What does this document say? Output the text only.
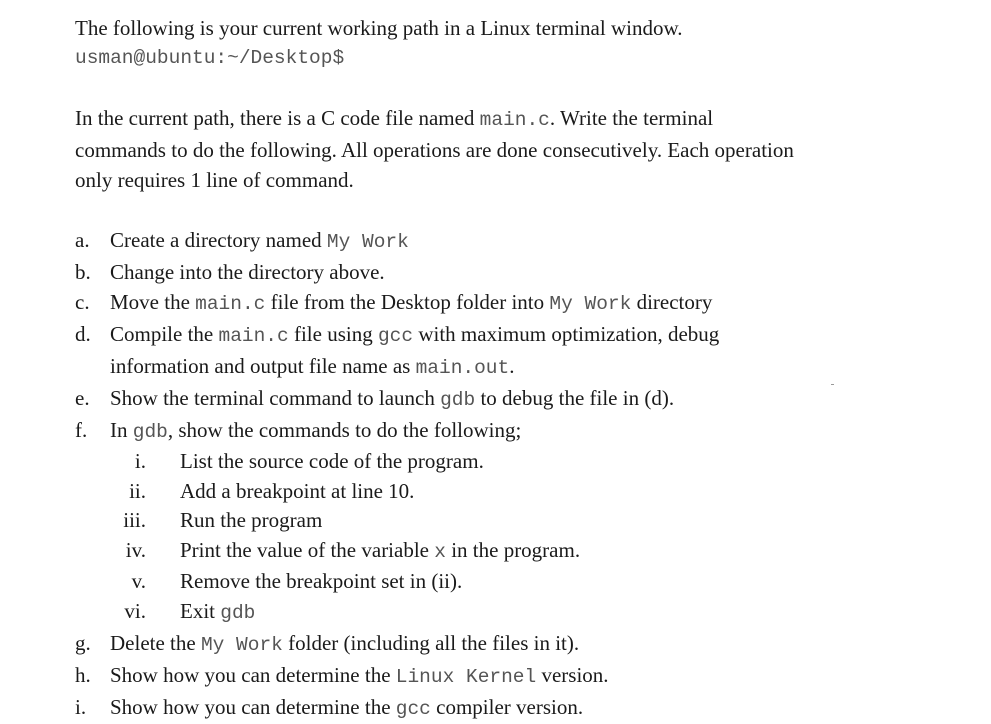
The following is your current working path in a Linux terminal window.
usman@ubuntu:~/Desktop$
In the current path, there is a C code file named main.c. Write the terminal
commands to do the following. All operations are done consecutively. Each operation
only requires 1 line of command.
a. Create a directory named My Work
b. Change into the directory above.
c. Move the main.c file from the Desktop folder into My Work directory
d. Compile the main.c file using gcc with maximum optimization, debug
information and output file name as main.out.
e. Show the terminal command to launch gdb to debug the file in (d).
f.	In gdb, show the commands to do the following;
i. List the source code of the program.
ii. Add a breakpoint at line 10.
iii. Run the program
iv. Print the value of the variable x in the program.
v. Remove the breakpoint set in (ii).
vi. Exit gdb
g. Delete the My Work folder (including all the files in it).
h. Show how you can determine the Linux Kernel version.
i.	Show how you can determine the gcc compiler version.
